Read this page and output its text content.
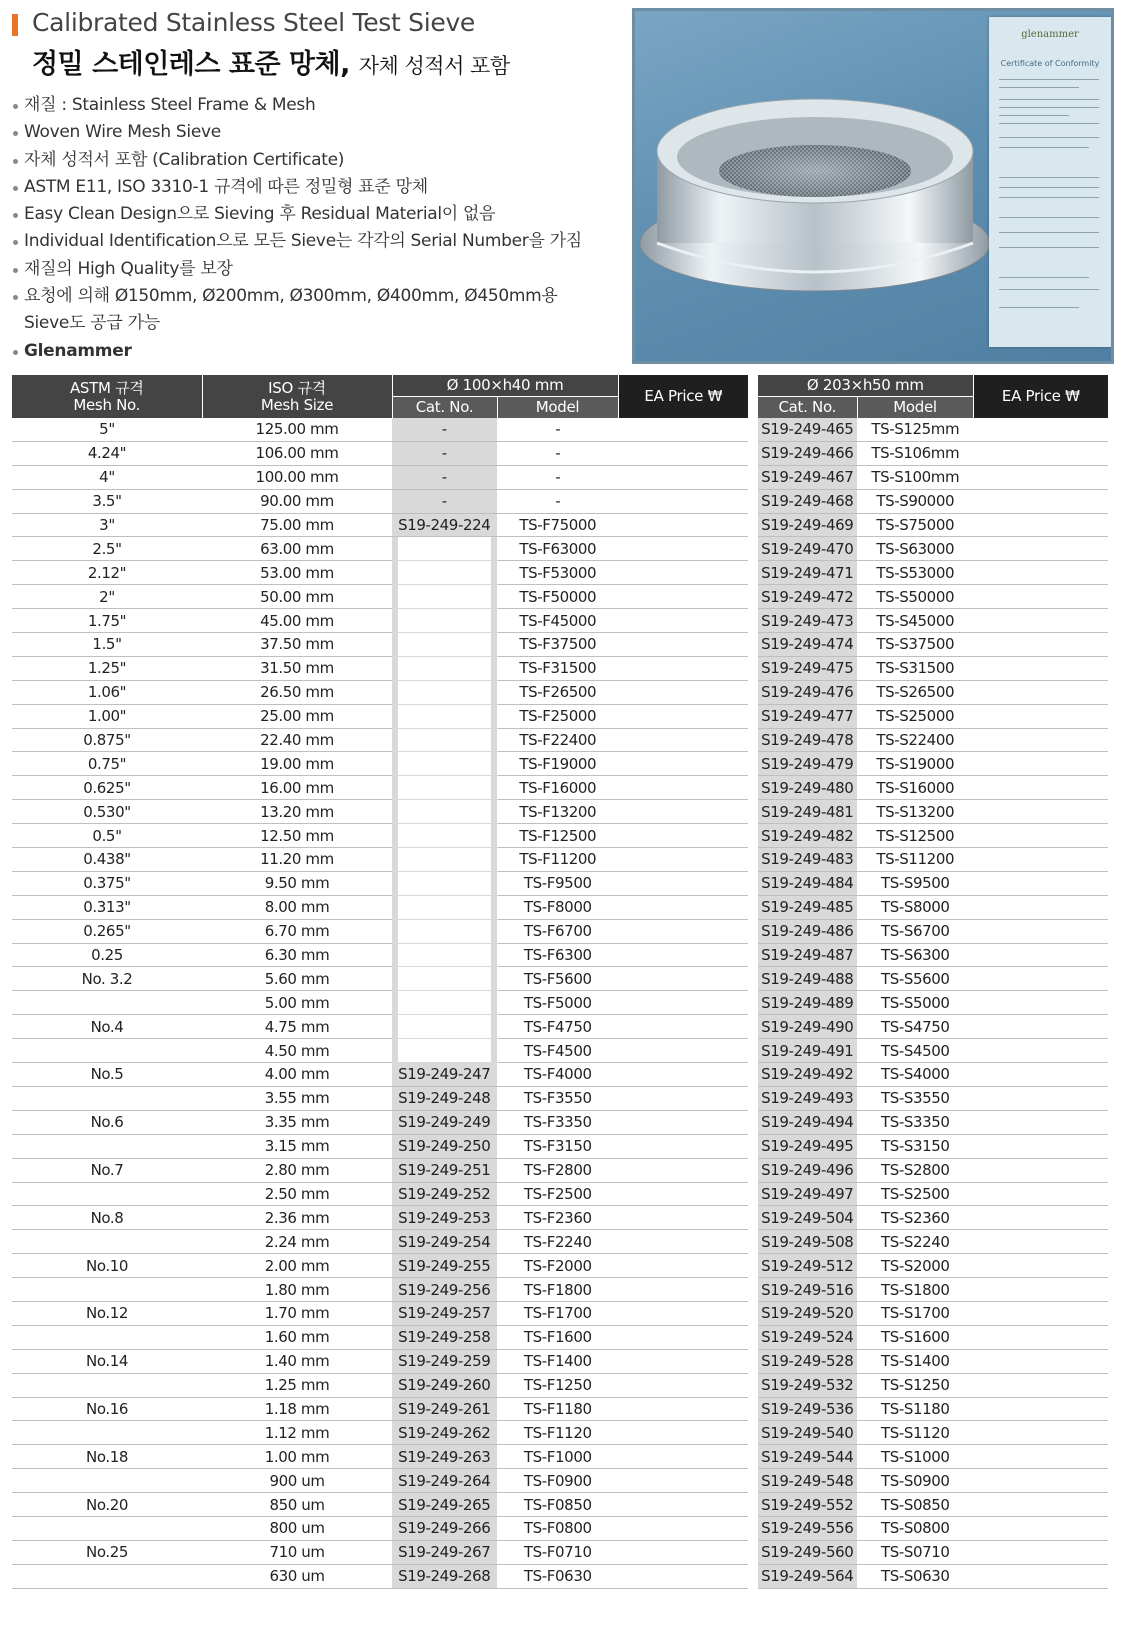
Calibrated Stainless Steel Test Sieve
정밀 스테인레스 표준 망체, 자체 성적서 포함
재질 : Stainless Steel Frame & Mesh
Woven Wire Mesh Sieve
자체 성적서 포함 (Calibration Certificate)
ASTM E11, ISO 3310-1 규격에 따른 정밀형 표준 망체
Easy Clean Design으로 Sieving 후 Residual Material이 없음
Individual Identification으로 모든 Sieve는 각각의 Serial Number을 가짐
재질의 High Quality를 보장
요청에 의해 Ø150mm, Ø200mm, Ø300mm, Ø400mm, Ø450mm용
Sieve도 공급 가능
Glenammer
glenammer
Certificate of Conformity
ASTM 규격
Mesh No.	ISO 규격
Mesh Size	Ø 100×h40 mm		EA Price ₩
		Cat. No.	Model	
5"	125.00 mm	-	-	
4.24"	106.00 mm	-	-	
4"	100.00 mm	-	-	
3.5"	90.00 mm	-	-	
3"	75.00 mm	S19-249-224	TS-F75000	
2.5"	63.00 mm		TS-F63000	
2.12"	53.00 mm		TS-F53000	
2"	50.00 mm		TS-F50000	
1.75"	45.00 mm		TS-F45000	
1.5"	37.50 mm		TS-F37500	
1.25"	31.50 mm		TS-F31500	
1.06"	26.50 mm		TS-F26500	
1.00"	25.00 mm		TS-F25000	
0.875"	22.40 mm		TS-F22400	
0.75"	19.00 mm		TS-F19000	
0.625"	16.00 mm		TS-F16000	
0.530"	13.20 mm		TS-F13200	
0.5"	12.50 mm		TS-F12500	
0.438"	11.20 mm		TS-F11200	
0.375"	9.50 mm		TS-F9500	
0.313"	8.00 mm		TS-F8000	
0.265"	6.70 mm		TS-F6700	
0.25	6.30 mm		TS-F6300	
No. 3.2	5.60 mm		TS-F5600	
	5.00 mm		TS-F5000	
No.4	4.75 mm		TS-F4750	
	4.50 mm		TS-F4500	
No.5	4.00 mm	S19-249-247	TS-F4000	
	3.55 mm	S19-249-248	TS-F3550	
No.6	3.35 mm	S19-249-249	TS-F3350	
	3.15 mm	S19-249-250	TS-F3150	
No.7	2.80 mm	S19-249-251	TS-F2800	
	2.50 mm	S19-249-252	TS-F2500	
No.8	2.36 mm	S19-249-253	TS-F2360	
	2.24 mm	S19-249-254	TS-F2240	
No.10	2.00 mm	S19-249-255	TS-F2000	
	1.80 mm	S19-249-256	TS-F1800	
No.12	1.70 mm	S19-249-257	TS-F1700	
	1.60 mm	S19-249-258	TS-F1600	
No.14	1.40 mm	S19-249-259	TS-F1400	
	1.25 mm	S19-249-260	TS-F1250	
No.16	1.18 mm	S19-249-261	TS-F1180	
	1.12 mm	S19-249-262	TS-F1120	
No.18	1.00 mm	S19-249-263	TS-F1000	
	900 um	S19-249-264	TS-F0900	
No.20	850 um	S19-249-265	TS-F0850	
	800 um	S19-249-266	TS-F0800	
No.25	710 um	S19-249-267	TS-F0710	
	630 um	S19-249-268	TS-F0630	
Ø 203×h50 mm		EA Price ₩
Cat. No.	Model	
S19-249-465	TS-S125mm	
S19-249-466	TS-S106mm	
S19-249-467	TS-S100mm	
S19-249-468	TS-S90000	
S19-249-469	TS-S75000	
S19-249-470	TS-S63000	
S19-249-471	TS-S53000	
S19-249-472	TS-S50000	
S19-249-473	TS-S45000	
S19-249-474	TS-S37500	
S19-249-475	TS-S31500	
S19-249-476	TS-S26500	
S19-249-477	TS-S25000	
S19-249-478	TS-S22400	
S19-249-479	TS-S19000	
S19-249-480	TS-S16000	
S19-249-481	TS-S13200	
S19-249-482	TS-S12500	
S19-249-483	TS-S11200	
S19-249-484	TS-S9500	
S19-249-485	TS-S8000	
S19-249-486	TS-S6700	
S19-249-487	TS-S6300	
S19-249-488	TS-S5600	
S19-249-489	TS-S5000	
S19-249-490	TS-S4750	
S19-249-491	TS-S4500	
S19-249-492	TS-S4000	
S19-249-493	TS-S3550	
S19-249-494	TS-S3350	
S19-249-495	TS-S3150	
S19-249-496	TS-S2800	
S19-249-497	TS-S2500	
S19-249-504	TS-S2360	
S19-249-508	TS-S2240	
S19-249-512	TS-S2000	
S19-249-516	TS-S1800	
S19-249-520	TS-S1700	
S19-249-524	TS-S1600	
S19-249-528	TS-S1400	
S19-249-532	TS-S1250	
S19-249-536	TS-S1180	
S19-249-540	TS-S1120	
S19-249-544	TS-S1000	
S19-249-548	TS-S0900	
S19-249-552	TS-S0850	
S19-249-556	TS-S0800	
S19-249-560	TS-S0710	
S19-249-564	TS-S0630	
